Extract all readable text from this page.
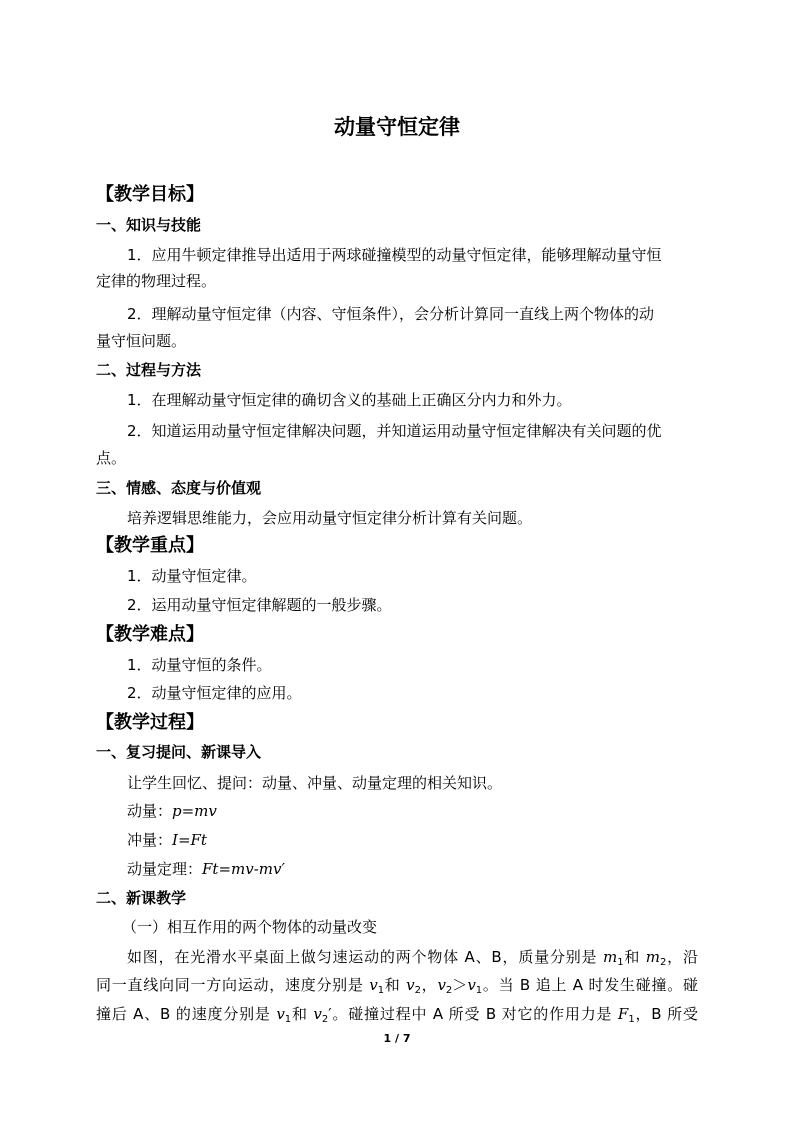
动量守恒定律
【教学目标】
一、知识与技能
1．应用牛顿定律推导出适用于两球碰撞模型的动量守恒定律，能够理解动量守恒
定律的物理过程。
2．理解动量守恒定律（内容、守恒条件），会分析计算同一直线上两个物体的动
量守恒问题。
二、过程与方法
1．在理解动量守恒定律的确切含义的基础上正确区分内力和外力。
2．知道运用动量守恒定律解决问题，并知道运用动量守恒定律解决有关问题的优
点。
三、情感、态度与价值观
培养逻辑思维能力，会应用动量守恒定律分析计算有关问题。
【教学重点】
1．动量守恒定律。
2．运用动量守恒定律解题的一般步骤。
【教学难点】
1．动量守恒的条件。
2．动量守恒定律的应用。
【教学过程】
一、复习提问、新课导入
让学生回忆、提问：动量、冲量、动量定理的相关知识。
动量：p=mv
冲量：I=Ft
动量定理：Ft=mv-mv′
二、新课教学
（一）相互作用的两个物体的动量改变
如图，在光滑水平桌面上做匀速运动的两个物体 A、B，质量分别是 $m_1$和 $m_2$，沿
同一直线向同一方向运动，速度分别是 $v_1$和 $v_2$，$v_2>v_1$。当 B 追上 A 时发生碰撞。碰
撞后 A、B 的速度分别是 $v_1$和 $v_2'$。碰撞过程中 A 所受 B 对它的作用力是 $F_1$，B 所受
1 / 7
